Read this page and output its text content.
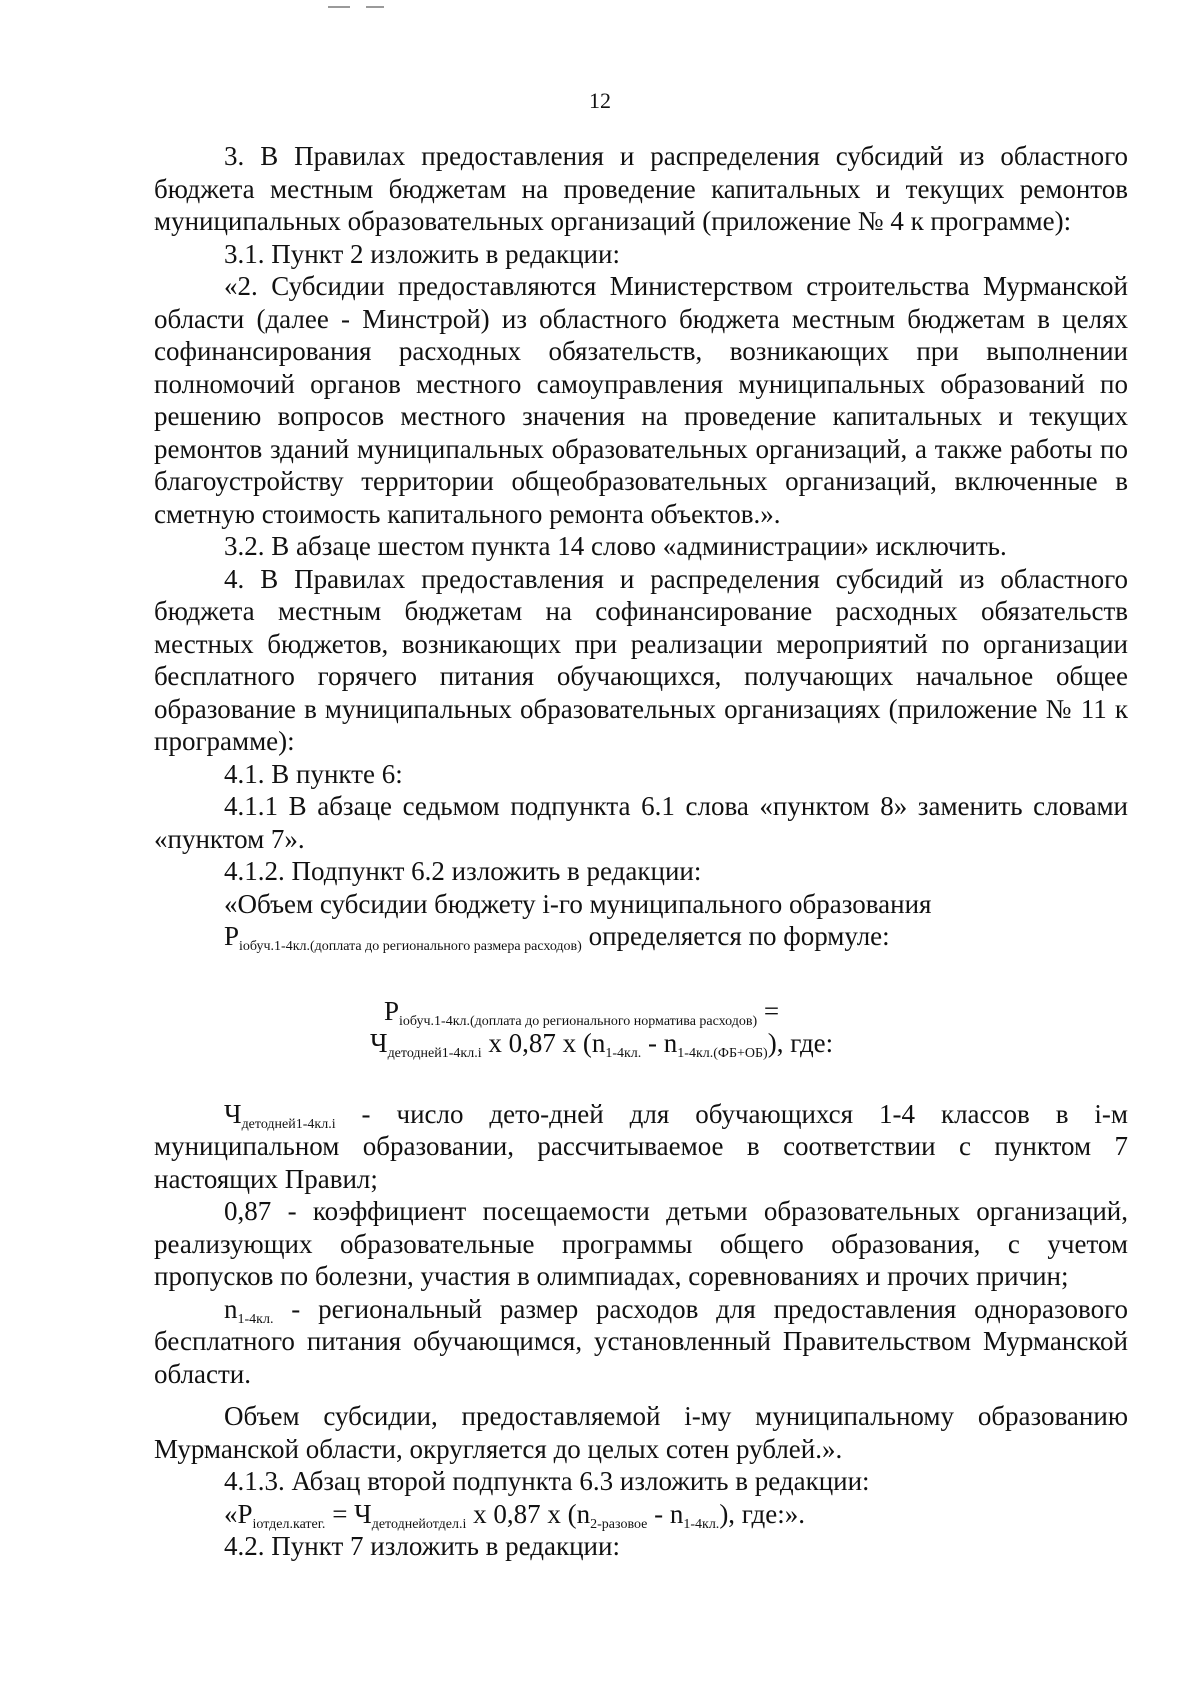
12

3. В Правилах предоставления и распределения субсидий из областного бюджета местным бюджетам на проведение капитальных и текущих ремонтов муниципальных образовательных организаций (приложение № 4 к программе):

3.1. Пункт 2 изложить в редакции:

«2. Субсидии предоставляются Министерством строительства Мурманской области (далее - Минстрой) из областного бюджета местным бюджетам в целях софинансирования расходных обязательств, возникающих при выполнении полномочий органов местного самоуправления муниципальных образований по решению вопросов местного значения на проведение капитальных и текущих ремонтов зданий муниципальных образовательных организаций, а также работы по благоустройству территории общеобразовательных организаций, включенные в сметную стоимость капитального ремонта объектов.».

3.2. В абзаце шестом пункта 14 слово «администрации» исключить.

4. В Правилах предоставления и распределения субсидий из областного бюджета местным бюджетам на софинансирование расходных обязательств местных бюджетов, возникающих при реализации мероприятий по организации бесплатного горячего питания обучающихся, получающих начальное общее образование в муниципальных образовательных организациях (приложение № 11 к программе):

4.1. В пункте 6:

4.1.1 В абзаце седьмом подпункта 6.1 слова «пунктом 8» заменить словами «пунктом 7».

4.1.2. Подпункт 6.2 изложить в редакции:

«Объем субсидии бюджету i-го муниципального образования

$P_{iобуч.1-4кл.(доплата до регионального размера расходов)}$ определяется по формуле:

$P_{iобуч.1-4кл.(доплата до регионального норматива расходов)}$ =

$Ч_{детодней1-4кл.i}$ х 0,87 х $(n_{1-4кл.} - n_{1-4кл.(ФБ+ОБ)})$, где:

$Ч_{детодней1-4кл.i}$ - число дето-дней для обучающихся 1-4 классов в i-м муниципальном образовании, рассчитываемое в соответствии с пунктом 7 настоящих Правил;

0,87 - коэффициент посещаемости детьми образовательных организаций, реализующих образовательные программы общего образования, с учетом пропусков по болезни, участия в олимпиадах, соревнованиях и прочих причин;

$n_{1-4кл.}$ - региональный размер расходов для предоставления одноразового бесплатного питания обучающимся, установленный Правительством Мурманской области.

Объем субсидии, предоставляемой i-му муниципальному образованию Мурманской области, округляется до целых сотен рублей.».

4.1.3. Абзац второй подпункта 6.3 изложить в редакции:

«$P_{iотдел.катег.} = Ч_{детоднейотдел.i}$ х 0,87 х $(n_{2-разовое} - n_{1-4кл.})$, где:».

4.2. Пункт 7 изложить в редакции:
